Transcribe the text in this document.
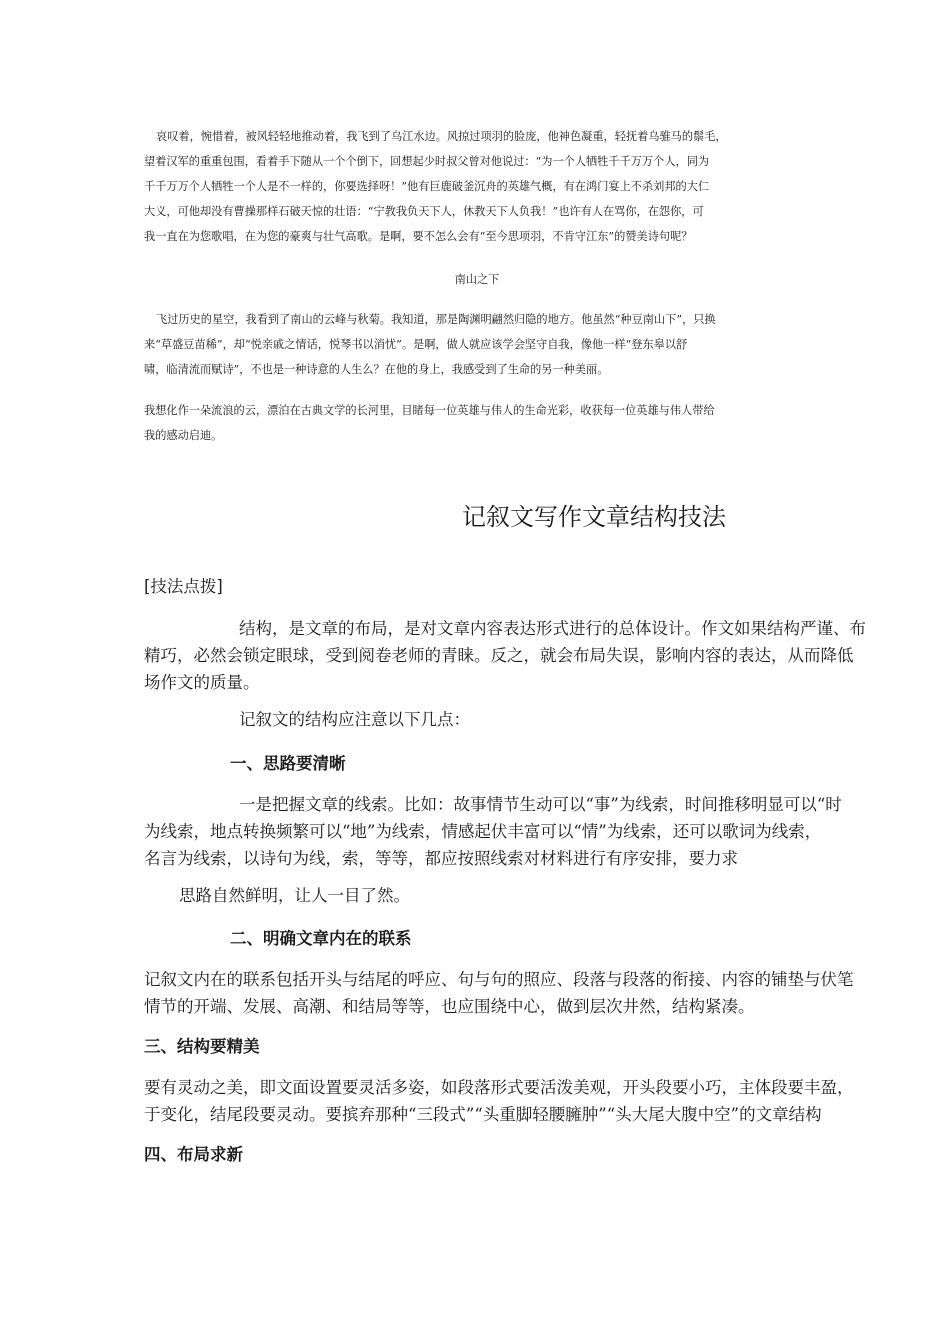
哀叹着，惋惜着，被风轻轻地推动着，我飞到了乌江水边。风掠过项羽的脸庞，他神色凝重，轻抚着乌骓马的鬃毛，

望着汉军的重重包围，看着手下随从一个个倒下，回想起少时叔父曾对他说过：“为一个人牺牲千千万万个人，同为

千千万万个人牺牲一个人是不一样的，你要选择呀！”他有巨鹿破釜沉舟的英雄气概，有在鸿门宴上不杀刘邦的大仁

大义，可他却没有曹操那样石破天惊的壮语：“宁教我负天下人，休教天下人负我！”也许有人在骂你，在怨你，可

我一直在为您歌唱，在为您的豪爽与壮气高歌。是啊，要不怎么会有“至今思项羽，不肯守江东”的赞美诗句呢？

南山之下

飞过历史的星空，我看到了南山的云峰与秋菊。我知道，那是陶渊明翩然归隐的地方。他虽然“种豆南山下”，只换

来“草盛豆苗稀”，却“悦亲戚之情话，悦琴书以消忧”。是啊，做人就应该学会坚守自我，像他一样“登东皋以舒

啸，临清流而赋诗”，不也是一种诗意的人生么？在他的身上，我感受到了生命的另一种美丽。

我想化作一朵流浪的云，漂泊在古典文学的长河里，目睹每一位英雄与伟人的生命光彩，收获每一位英雄与伟人带给

我的感动启迪。

记叙文写作文章结构技法
[技法点拨]

结构，是文章的布局，是对文章内容表达形式进行的总体设计。作文如果结构严谨、布

精巧，必然会锁定眼球，受到阅卷老师的青睐。反之，就会布局失误，影响内容的表达，从而降低

场作文的质量。

记叙文的结构应注意以下几点：
一、思路要清晰

一是把握文章的线索。比如：故事情节生动可以“事”为线索，时间推移明显可以“时

为线索，地点转换频繁可以“地”为线索，情感起伏丰富可以“情”为线索，还可以歌词为线索，

名言为线索，以诗句为线，索，等等，都应按照线索对材料进行有序安排，要力求

思路自然鲜明，让人一目了然。
二、明确文章内在的联系

记叙文内在的联系包括开头与结尾的呼应、句与句的照应、段落与段落的衔接、内容的铺垫与伏笔

情节的开端、发展、高潮、和结局等等，也应围绕中心，做到层次井然，结构紧凑。

三、结构要精美

要有灵动之美，即文面设置要灵活多姿，如段落形式要活泼美观，开头段要小巧，主体段要丰盈，

于变化，结尾段要灵动。要摈弃那种“三段式”“头重脚轻腰臃肿”“头大尾大腹中空”的文章结构

四、布局求新
